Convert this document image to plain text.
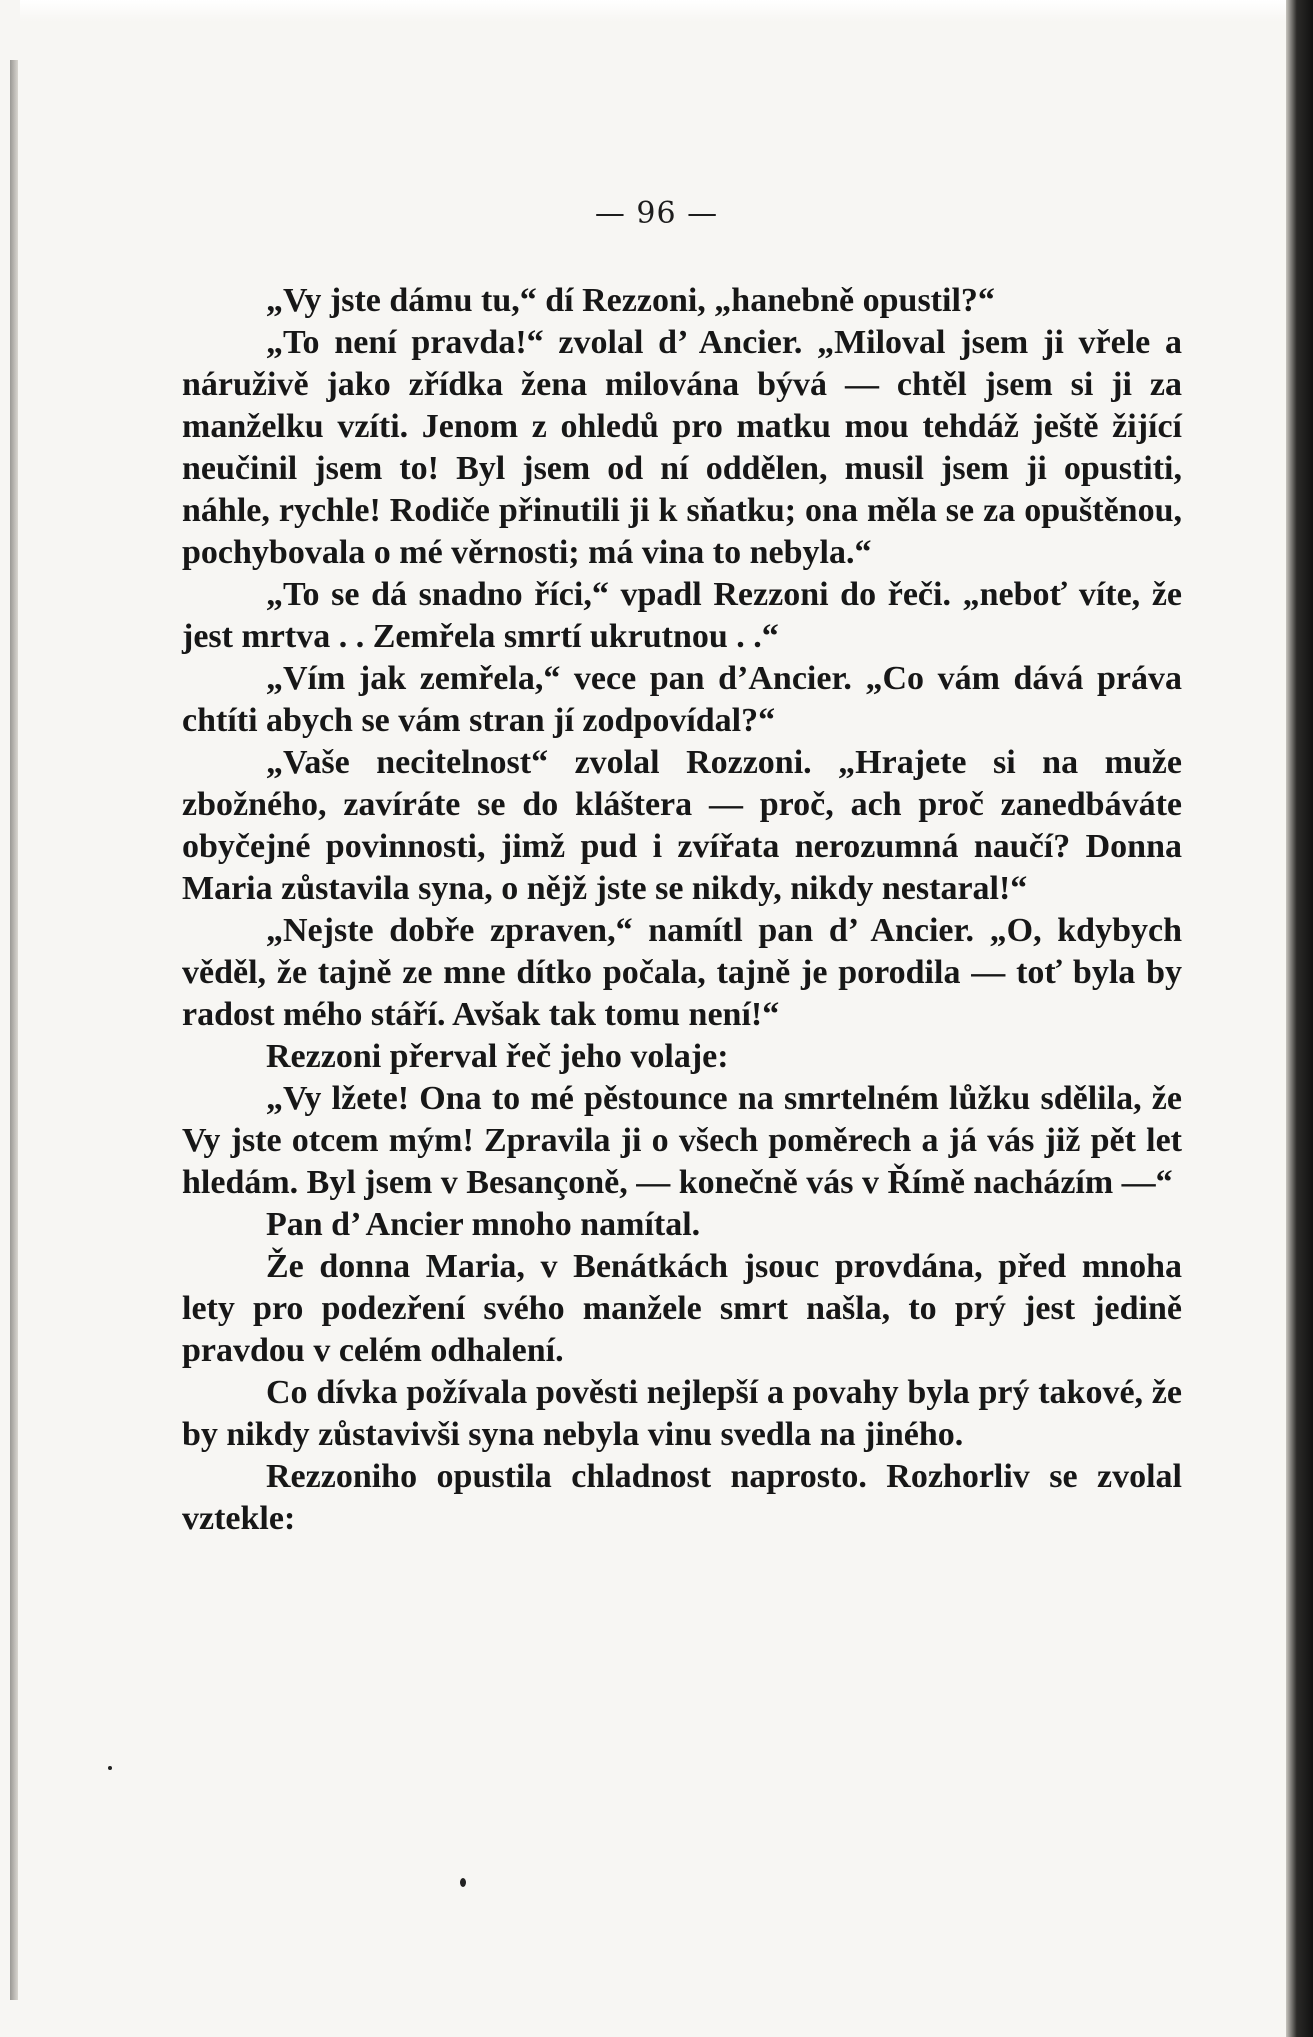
— 96 —

„Vy jste dámu tu,“ dí Rezzoni, „hanebně opustil?“

„To není pravda!“ zvolal d’ Ancier. „Miloval jsem ji vřele a náruživě jako zřídka žena milována bývá — chtěl jsem si ji za manželku vzíti. Jenom z ohledů pro matku mou tehdáž ještě žijící neučinil jsem to! Byl jsem od ní oddělen, musil jsem ji opustiti, náhle, rychle! Rodiče přinutili ji k sňatku; ona měla se za opuštěnou, pochybovala o mé věrnosti; má vina to nebyla.“

„To se dá snadno říci,“ vpadl Rezzoni do řeči. „neboť víte, že jest mrtva . . Zemřela smrtí ukrutnou . .“

„Vím jak zemřela,“ vece pan d’Ancier. „Co vám dává práva chtíti abych se vám stran jí zodpovídal?“

„Vaše necitelnost“ zvolal Rozzoni. „Hrajete si na muže zbožného, zavíráte se do kláštera — proč, ach proč zanedbáváte obyčejné povinnosti, jimž pud i zvířata nerozumná naučí? Donna Maria zůstavila syna, o nějž jste se nikdy, nikdy nestaral!“

„Nejste dobře zpraven,“ namítl pan d’ Ancier. „O, kdybych věděl, že tajně ze mne dítko počala, tajně je porodila — toť byla by radost mého stáří. Avšak tak tomu není!“

Rezzoni přerval řeč jeho volaje:

„Vy lžete! Ona to mé pěstounce na smrtelném lůžku sdělila, že Vy jste otcem mým! Zpravila ji o všech poměrech a já vás již pět let hledám. Byl jsem v Besançoně, — konečně vás v Římě nacházím —“

Pan d’ Ancier mnoho namítal.

Že donna Maria, v Benátkách jsouc provdána, před mnoha lety pro podezření svého manžele smrt našla, to prý jest jedině pravdou v celém odhalení.

Co dívka požívala pověsti nejlepší a povahy byla prý takové, že by nikdy zůstavivši syna nebyla vinu svedla na jiného.

Rezzoniho opustila chladnost naprosto. Rozhorliv se zvolal vztekle:
